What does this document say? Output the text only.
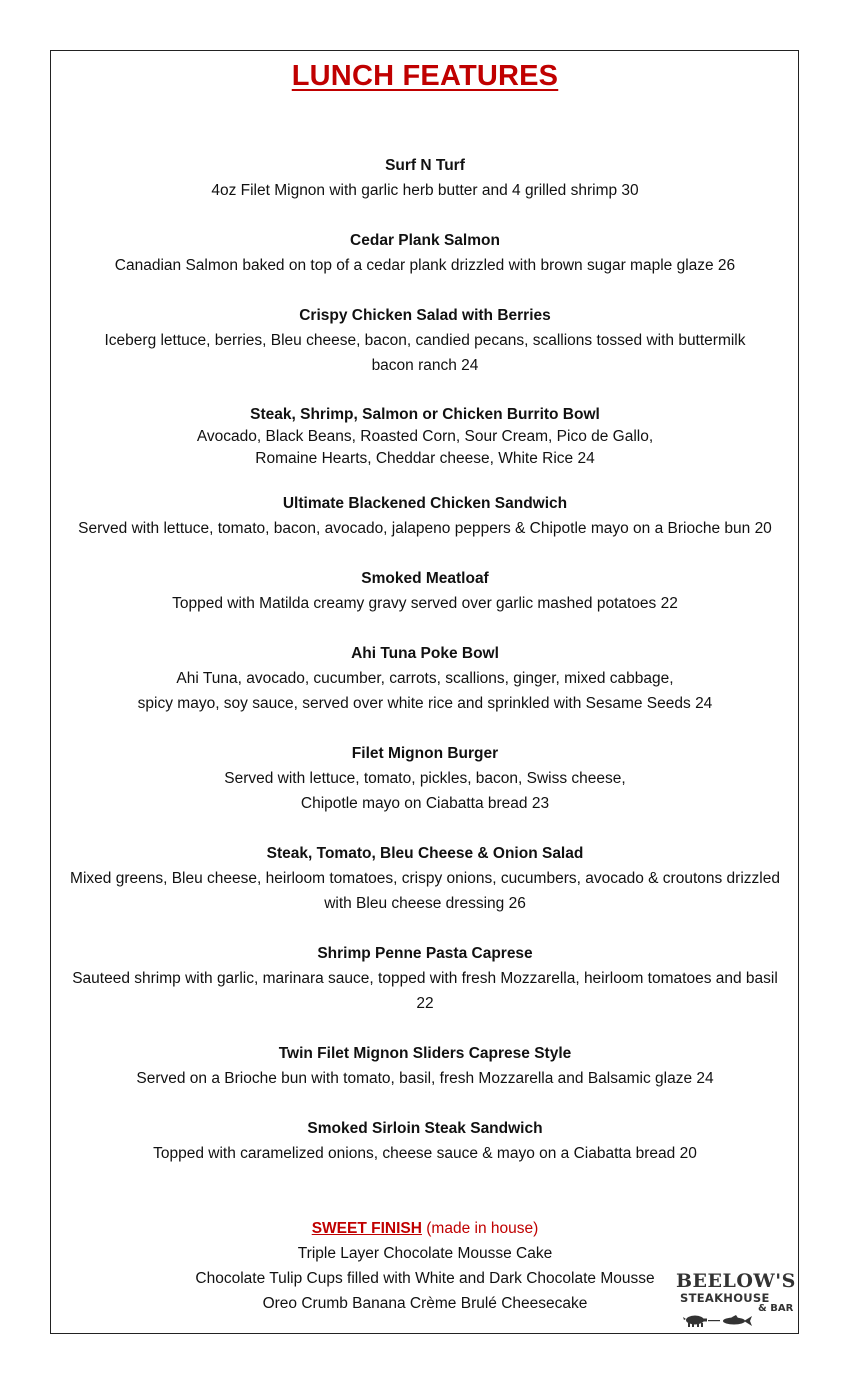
LUNCH FEATURES
Surf N Turf
4oz Filet Mignon with garlic herb butter and 4 grilled shrimp 30
Cedar Plank Salmon
Canadian Salmon baked on top of a cedar plank drizzled with brown sugar maple glaze 26
Crispy Chicken Salad with Berries
Iceberg lettuce, berries, Bleu cheese, bacon, candied pecans, scallions tossed with buttermilk
bacon ranch 24
Steak, Shrimp, Salmon or Chicken Burrito Bowl
Avocado, Black Beans, Roasted Corn, Sour Cream, Pico de Gallo,
Romaine Hearts, Cheddar cheese, White Rice 24
Ultimate Blackened Chicken Sandwich
Served with lettuce, tomato, bacon, avocado, jalapeno peppers & Chipotle mayo on a Brioche bun 20
Smoked Meatloaf
Topped with Matilda creamy gravy served over garlic mashed potatoes 22
Ahi Tuna Poke Bowl
Ahi Tuna, avocado, cucumber, carrots, scallions, ginger, mixed cabbage,
spicy mayo, soy sauce, served over white rice and sprinkled with Sesame Seeds 24
Filet Mignon Burger
Served with lettuce, tomato, pickles, bacon, Swiss cheese,
Chipotle mayo on Ciabatta bread 23
Steak, Tomato, Bleu Cheese & Onion Salad
Mixed greens, Bleu cheese, heirloom tomatoes, crispy onions, cucumbers, avocado & croutons drizzled
with Bleu cheese dressing 26
Shrimp Penne Pasta Caprese
Sauteed shrimp with garlic, marinara sauce, topped with fresh Mozzarella, heirloom tomatoes and basil
22
Twin Filet Mignon Sliders Caprese Style
Served on a Brioche bun with tomato, basil, fresh Mozzarella and Balsamic glaze 24
Smoked Sirloin Steak Sandwich
Topped with caramelized onions, cheese sauce & mayo on a Ciabatta bread 20
SWEET FINISH (made in house)
Triple Layer Chocolate Mousse Cake
Chocolate Tulip Cups filled with White and Dark Chocolate Mousse
Oreo Crumb Banana Crème Brulé Cheesecake
BEELOW'S
STEAKHOUSE
& BAR
